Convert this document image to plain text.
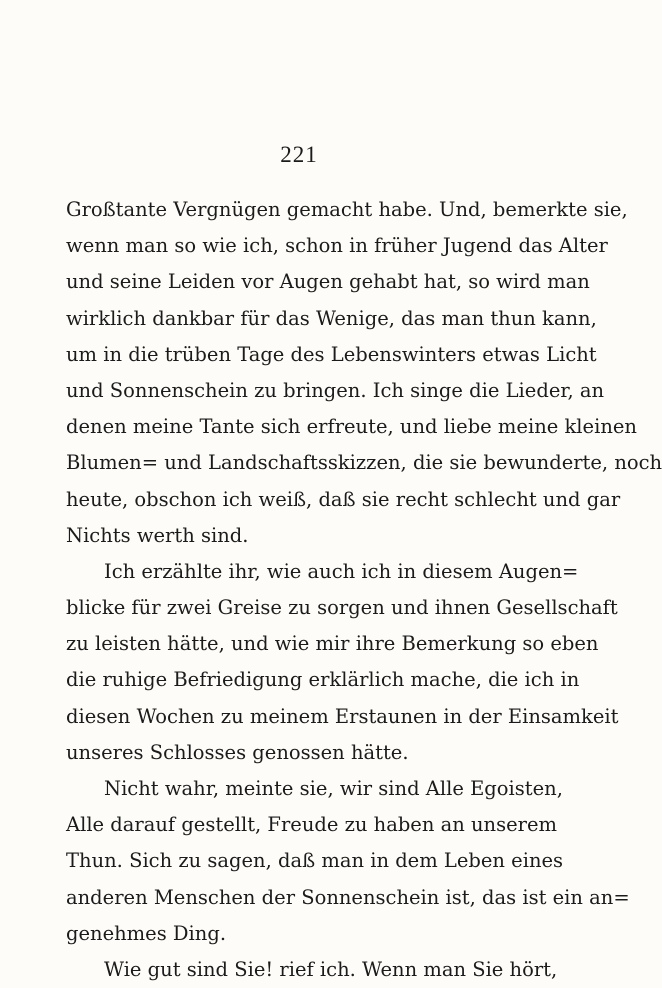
221
Großtante Vergnügen gemacht habe. Und, bemerkte sie,
wenn man so wie ich, schon in früher Jugend das Alter
und seine Leiden vor Augen gehabt hat, so wird man
wirklich dankbar für das Wenige, das man thun kann,
um in die trüben Tage des Lebenswinters etwas Licht
und Sonnenschein zu bringen. Ich singe die Lieder, an
denen meine Tante sich erfreute, und liebe meine kleinen
Blumen= und Landschaftsskizzen, die sie bewunderte, noch
heute, obschon ich weiß, daß sie recht schlecht und gar
Nichts werth sind.
Ich erzählte ihr, wie auch ich in diesem Augen=
blicke für zwei Greise zu sorgen und ihnen Gesellschaft
zu leisten hätte, und wie mir ihre Bemerkung so eben
die ruhige Befriedigung erklärlich mache, die ich in
diesen Wochen zu meinem Erstaunen in der Einsamkeit
unseres Schlosses genossen hätte.
Nicht wahr, meinte sie, wir sind Alle Egoisten,
Alle darauf gestellt, Freude zu haben an unserem
Thun. Sich zu sagen, daß man in dem Leben eines
anderen Menschen der Sonnenschein ist, das ist ein an=
genehmes Ding.
Wie gut sind Sie! rief ich. Wenn man Sie hört,
